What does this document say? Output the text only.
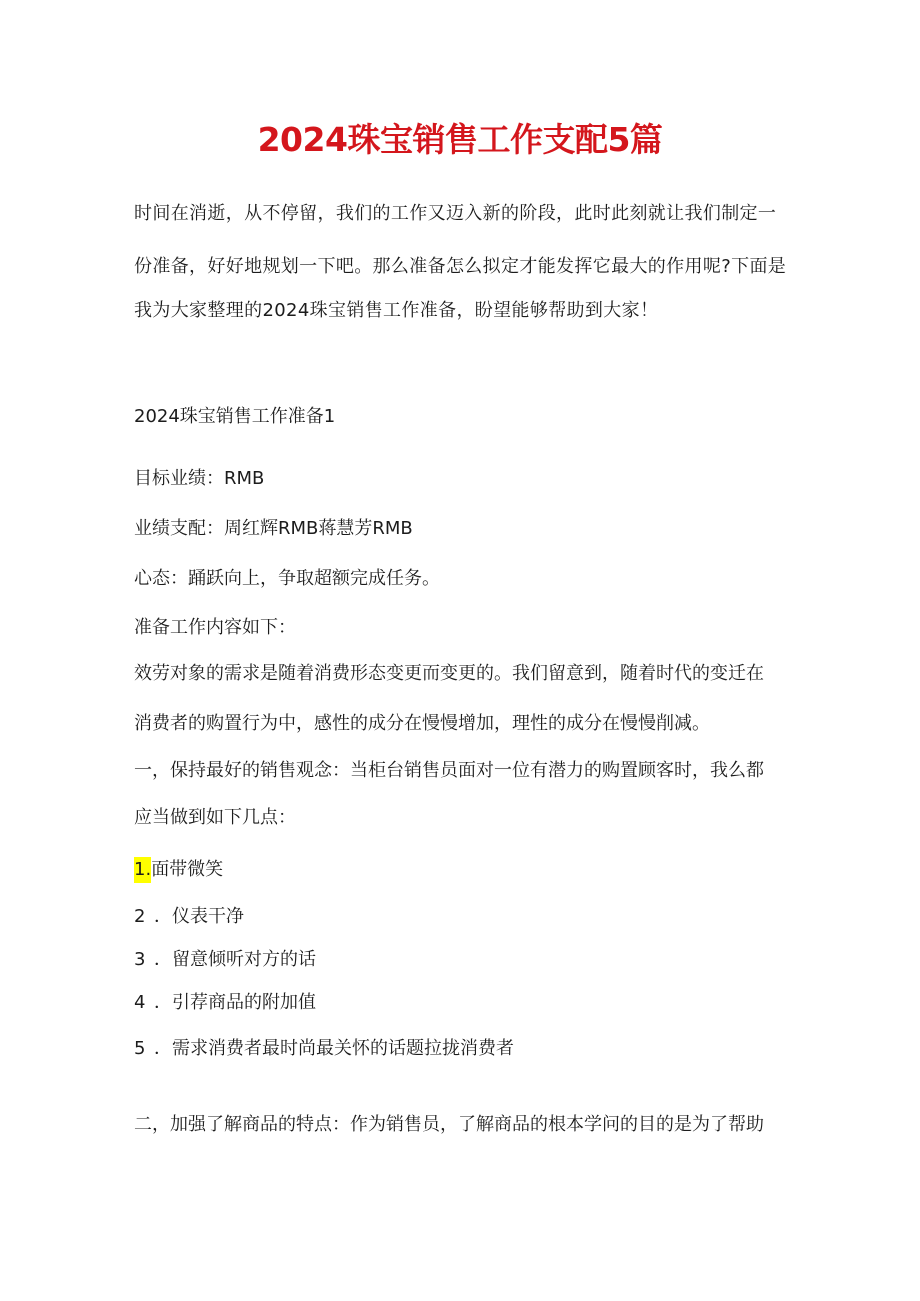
2024珠宝销售工作支配5篇
时间在消逝，从不停留，我们的工作又迈入新的阶段，此时此刻就让我们制定一
份准备，好好地规划一下吧。那么准备怎么拟定才能发挥它最大的作用呢?下面是
我为大家整理的2024珠宝销售工作准备，盼望能够帮助到大家！
2024珠宝销售工作准备1
目标业绩：RMB
业绩支配：周红辉RMB蒋慧芳RMB
心态：踊跃向上，争取超额完成任务。
准备工作内容如下：
效劳对象的需求是随着消费形态变更而变更的。我们留意到，随着时代的变迁在
消费者的购置行为中，感性的成分在慢慢增加，理性的成分在慢慢削减。
一，保持最好的销售观念：当柜台销售员面对一位有潜力的购置顾客时，我么都
应当做到如下几点：
1.面带微笑
2 ．仪表干净
3 ．留意倾听对方的话
4 ．引荐商品的附加值
5 ．需求消费者最时尚最关怀的话题拉拢消费者
二，加强了解商品的特点：作为销售员，了解商品的根本学问的目的是为了帮助
